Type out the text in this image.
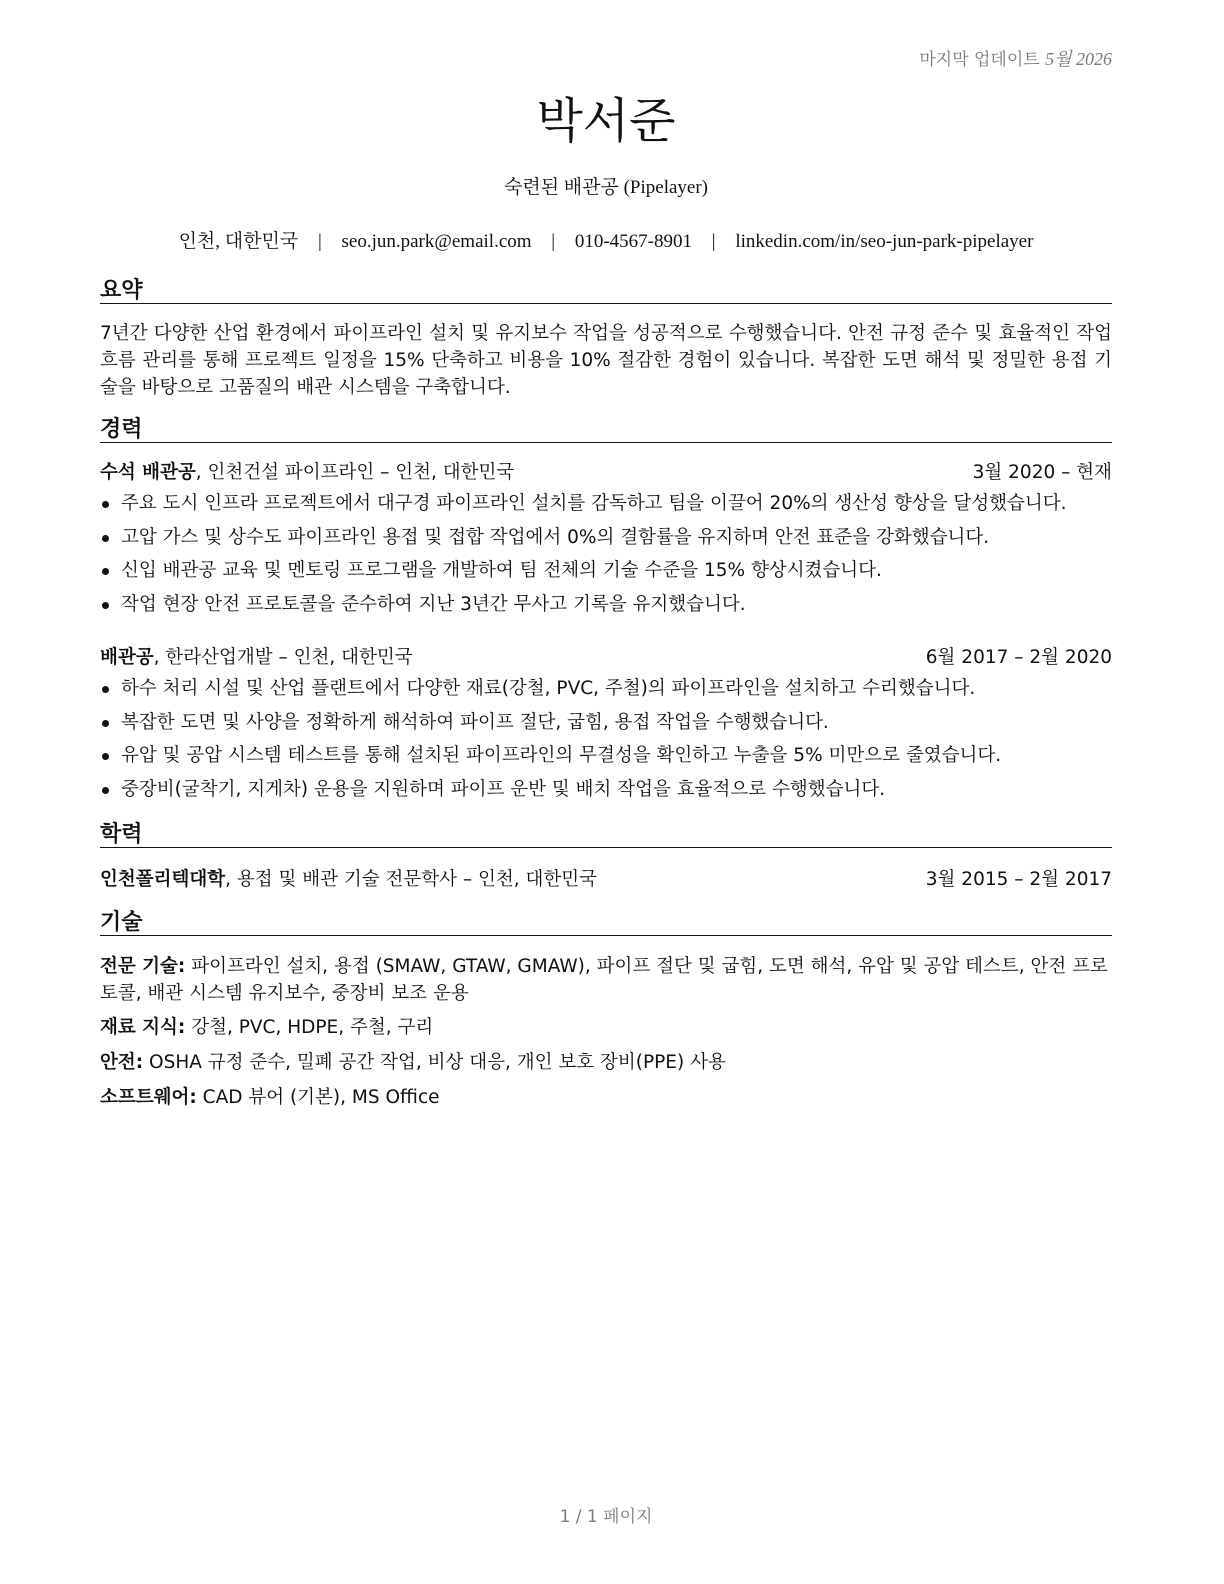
마지막 업데이트 5월 2026
박서준
숙련된 배관공 (Pipelayer)
인천, 대한민국 | seo.jun.park@email.com | 010-4567-8901 | linkedin.com/in/seo-jun-park-pipelayer
요약
7년간 다양한 산업 환경에서 파이프라인 설치 및 유지보수 작업을 성공적으로 수행했습니다. 안전 규정 준수 및 효율적인 작업 흐름 관리를 통해 프로젝트 일정을 15% 단축하고 비용을 10% 절감한 경험이 있습니다. 복잡한 도면 해석 및 정밀한 용접 기술을 바탕으로 고품질의 배관 시스템을 구축합니다.
경력
수석 배관공, 인천건설 파이프라인 – 인천, 대한민국	3월 2020 – 현재
주요 도시 인프라 프로젝트에서 대구경 파이프라인 설치를 감독하고 팀을 이끌어 20%의 생산성 향상을 달성했습니다.
고압 가스 및 상수도 파이프라인 용접 및 접합 작업에서 0%의 결함률을 유지하며 안전 표준을 강화했습니다.
신입 배관공 교육 및 멘토링 프로그램을 개발하여 팀 전체의 기술 수준을 15% 향상시켰습니다.
작업 현장 안전 프로토콜을 준수하여 지난 3년간 무사고 기록을 유지했습니다.
배관공, 한라산업개발 – 인천, 대한민국	6월 2017 – 2월 2020
하수 처리 시설 및 산업 플랜트에서 다양한 재료(강철, PVC, 주철)의 파이프라인을 설치하고 수리했습니다.
복잡한 도면 및 사양을 정확하게 해석하여 파이프 절단, 굽힘, 용접 작업을 수행했습니다.
유압 및 공압 시스템 테스트를 통해 설치된 파이프라인의 무결성을 확인하고 누출을 5% 미만으로 줄였습니다.
중장비(굴착기, 지게차) 운용을 지원하며 파이프 운반 및 배치 작업을 효율적으로 수행했습니다.
학력
인천폴리텍대학, 용접 및 배관 기술 전문학사 – 인천, 대한민국	3월 2015 – 2월 2017
기술
전문 기술: 파이프라인 설치, 용접 (SMAW, GTAW, GMAW), 파이프 절단 및 굽힘, 도면 해석, 유압 및 공압 테스트, 안전 프로토콜, 배관 시스템 유지보수, 중장비 보조 운용
재료 지식: 강철, PVC, HDPE, 주철, 구리
안전: OSHA 규정 준수, 밀폐 공간 작업, 비상 대응, 개인 보호 장비(PPE) 사용
소프트웨어: CAD 뷰어 (기본), MS Office
1 / 1 페이지
